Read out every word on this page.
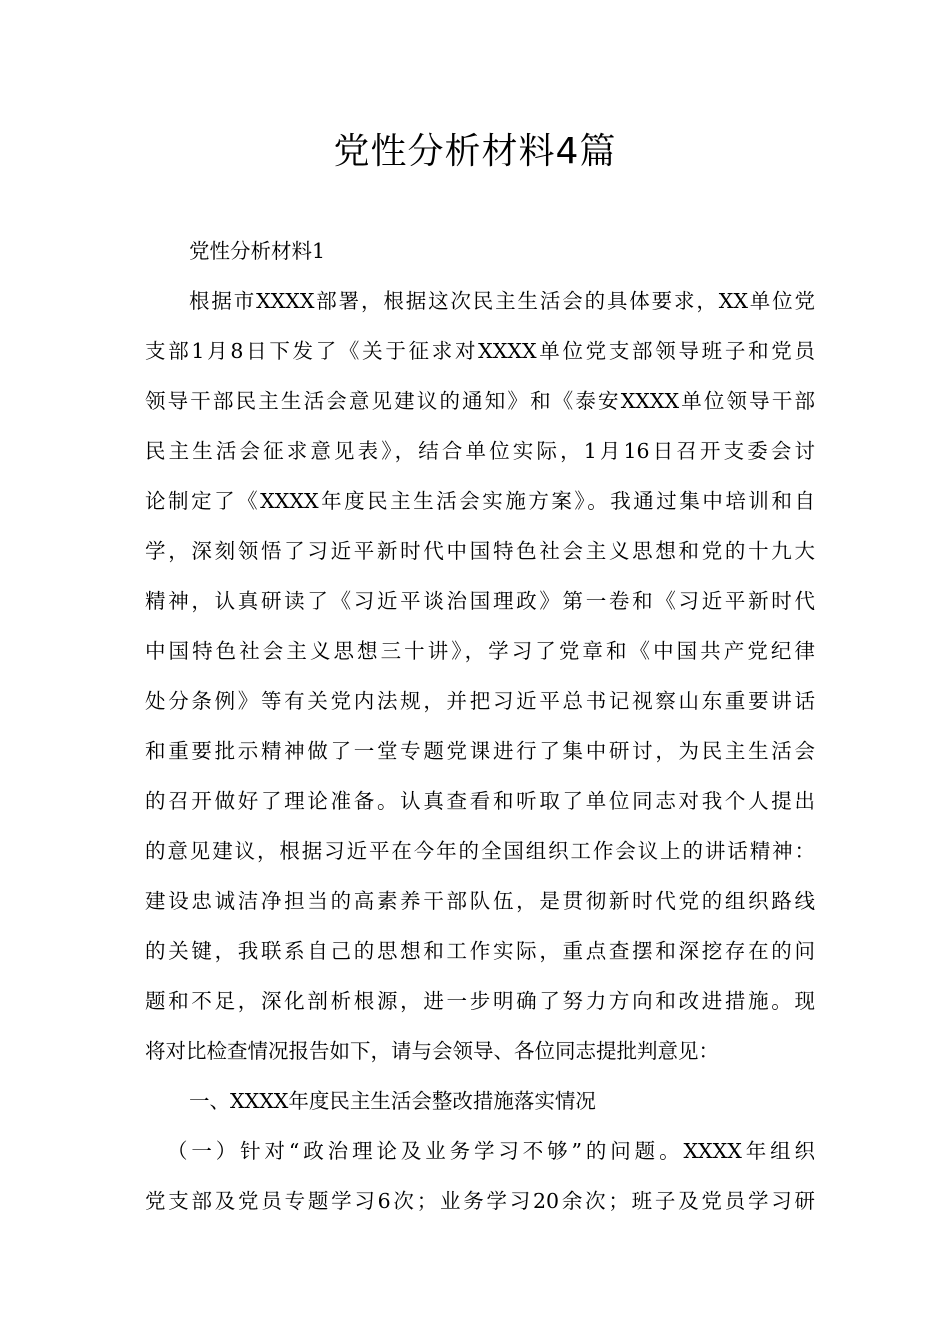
党性分析材料4篇
党性分析材料1
根据市XXXX部署，根据这次民主生活会的具体要求，XX单位党
支部1月8日下发了《关于征求对XXXX单位党支部领导班子和党员
领导干部民主生活会意见建议的通知》和《泰安XXXX单位领导干部
民主生活会征求意见表》，结合单位实际，1月16日召开支委会讨
论制定了《XXXX年度民主生活会实施方案》。我通过集中培训和自
学，深刻领悟了习近平新时代中国特色社会主义思想和党的十九大
精神，认真研读了《习近平谈治国理政》第一卷和《习近平新时代
中国特色社会主义思想三十讲》，学习了党章和《中国共产党纪律
处分条例》等有关党内法规，并把习近平总书记视察山东重要讲话
和重要批示精神做了一堂专题党课进行了集中研讨，为民主生活会
的召开做好了理论准备。认真查看和听取了单位同志对我个人提出
的意见建议，根据习近平在今年的全国组织工作会议上的讲话精神：
建设忠诚洁净担当的高素养干部队伍，是贯彻新时代党的组织路线
的关键，我联系自己的思想和工作实际，重点查摆和深挖存在的问
题和不足，深化剖析根源，进一步明确了努力方向和改进措施。现
将对比检查情况报告如下，请与会领导、各位同志提批判意见：
一、XXXX年度民主生活会整改措施落实情况
（一）针对“政治理论及业务学习不够”的问题。XXXX年组织
党支部及党员专题学习6次；业务学习20余次；班子及党员学习研
